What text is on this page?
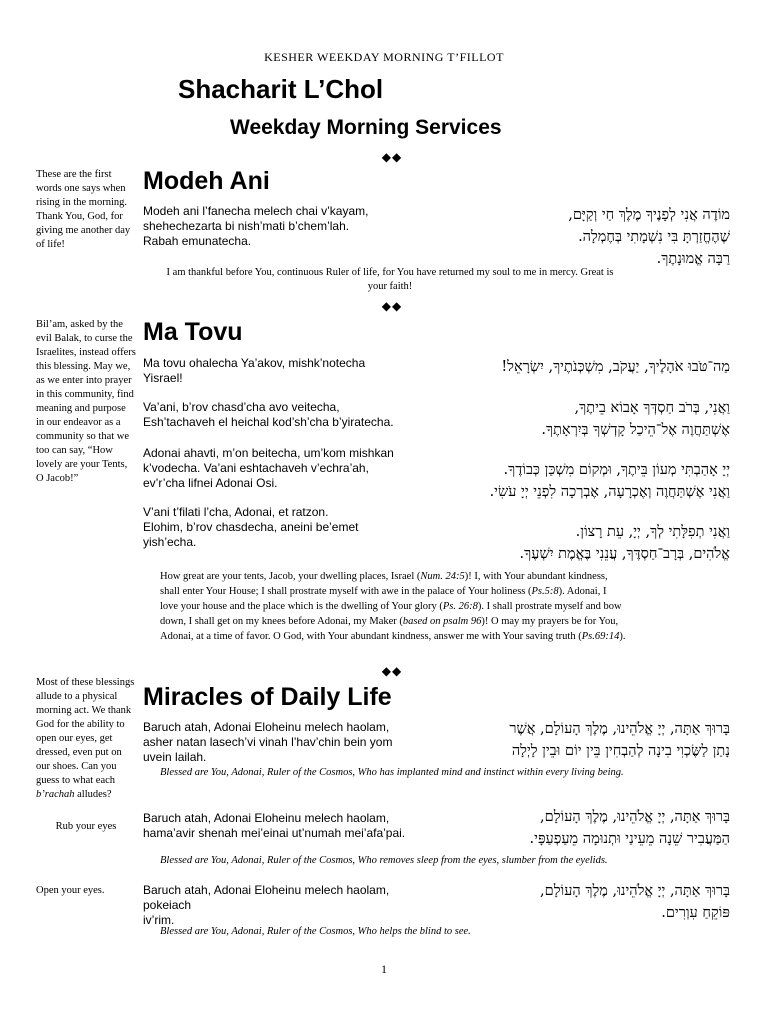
KESHER WEEKDAY MORNING T’FILLOT
Shacharit L’Chol
Weekday Morning Services
◆◆
These are the first words one says when rising in the morning. Thank You, God, for giving me another day of life!
Modeh Ani
Modeh ani l’fanecha melech chai v’kayam,
shehechezarta bi nish’mati b’chem’lah.
Rabah emunatecha.
מוֹדֶה אֲנִי לְפָנֶיךָ מֶלֶךְ חַי וְקַיָּם,
שֶׁהֶחֱזַרְתָּ בִּי נִשְׁמָתִי בְּחֶמְלָה.
רַבָּה אֱמוּנָתֶךָ.
I am thankful before You, continuous Ruler of life, for You have returned my soul to me in mercy. Great is your faith!
◆◆
Bil’am, asked by the evil Balak, to curse the Israelites, instead offers this blessing. May we, as we enter into prayer in this community, find meaning and purpose in our endeavor as a community so that we too can say, “How lovely are your Tents, O Jacob!”
Ma Tovu
Ma tovu ohalecha Ya’akov, mishk’notecha
Yisrael!
Va’ani, b’rov chasd’cha avo veitecha,
Esh’tachaveh el heichal kod’sh’cha b’yiratecha.
Adonai ahavti, m’on beitecha, um’kom mishkan
k’vodecha. Va’ani eshtachaveh v’echra’ah,
ev’r’cha lifnei Adonai Osi.
V’ani t’filati l’cha, Adonai, et ratzon.
Elohim, b’rov chasdecha, aneini be’emet
yish’echa.
מַה־טֹּבוּ אֹהָלֶיךָ, יַעֲקֹב, מִשְׁכְּנֹתֶיךָ, יִשְׂרָאֵל!
וַאֲנִי, בְּרֹב חַסְדְּךָ אָבוֹא בֵיתֶךָ,
אֶשְׁתַּחֲוֶה אֶל־הֵיכַל קָדְשְׁךָ בְּיִרְאָתֶךָ.
יְיָ אָהַבְתִּי מְעוֹן בֵּיתֶךָ, וּמְקוֹם מִשְׁכַּן כְּבוֹדֶךָ.
וַאֲנִי אֶשְׁתַּחֲוֶה וְאֶכְרָעָה, אֶבְרְכָה לִפְנֵי יְיָ עֹשִׂי.
וַאֲנִי תְפִלָּתִי לְךָ, יְיָ, עֵת רָצוֹן.
אֱלֹהִים, בְּרָב־חַסְדֶּךָ, עֲנֵנִי בֶּאֱמֶת יִשְׁעֶךָ.
How great are your tents, Jacob, your dwelling places, Israel (Num. 24:5)! I, with Your abundant kindness,
shall enter Your House; I shall prostrate myself with awe in the palace of Your holiness (Ps.5:8). Adonai, I
love your house and the place which is the dwelling of Your glory (Ps. 26:8). I shall prostrate myself and bow
down, I shall get on my knees before Adonai, my Maker (based on psalm 96)! O may my prayers be for You,
Adonai, at a time of favor. O God, with Your abundant kindness, answer me with Your saving truth (Ps.69:14).
◆◆
Most of these blessings allude to a physical morning act. We thank God for the ability to open our eyes, get dressed, even put on our shoes. Can you guess to what each b’rachah alludes?
Miracles of Daily Life
Baruch atah, Adonai Eloheinu melech haolam,
asher natan lasech’vi vinah l’hav’chin bein yom
uvein lailah.
בָּרוּךְ אַתָּה, יְיָ אֱלֹהֵינוּ, מֶלֶךְ הָעוֹלָם, אֲשֶׁר
נָתַן לַשֶּׂכְוִי בִינָה לְהַבְחִין בֵּין יוֹם וּבֵין לָיְלָה
Blessed are You, Adonai, Ruler of the Cosmos, Who has implanted mind and instinct within every living being.
Rub your eyes
Baruch atah, Adonai Eloheinu melech haolam,
hama’avir shenah mei’einai ut’numah mei’afa’pai.
בָּרוּךְ אַתָּה, יְיָ אֱלֹהֵינוּ, מֶלֶךְ הָעוֹלָם,
הַמַּעֲבִיר שֵׁנָה מֵעֵינַי וּתְנוּמָה מֵעַפְעַפָּי.
Blessed are You, Adonai, Ruler of the Cosmos, Who removes sleep from the eyes, slumber from the eyelids.
Open your eyes.	Baruch atah, Adonai Eloheinu melech haolam, pokeiach
iv’rim.
בָּרוּךְ אַתָּה, יְיָ אֱלֹהֵינוּ, מֶלֶךְ הָעוֹלָם,
פּוֹקֵחַ עִוְרִים.
Blessed are You, Adonai, Ruler of the Cosmos, Who helps the blind to see.
1
